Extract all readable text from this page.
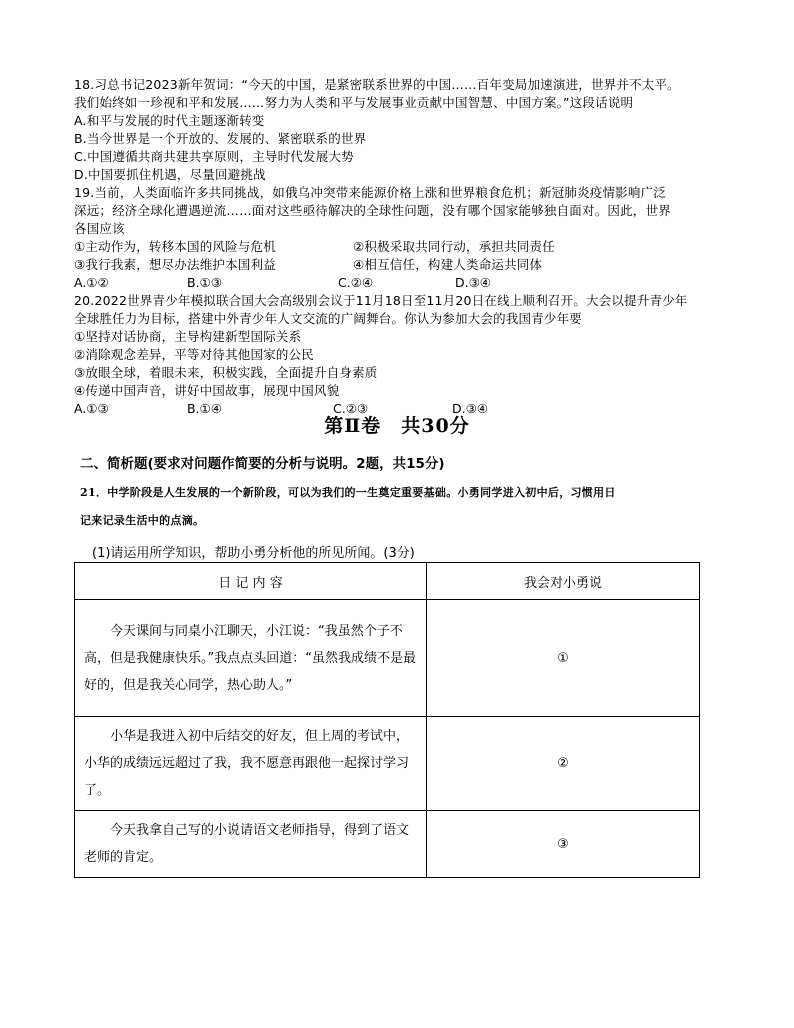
18.习总书记2023新年贺词：“今天的中国，是紧密联系世界的中国……百年变局加速演进，世界并不太平。
我们始终如一珍视和平和发展……努力为人类和平与发展事业贡献中国智慧、中国方案。”这段话说明
A.和平与发展的时代主题逐渐转变
B.当今世界是一个开放的、发展的、紧密联系的世界
C.中国遵循共商共建共享原则，主导时代发展大势
D.中国要抓住机遇，尽量回避挑战
19.当前，人类面临许多共同挑战，如俄乌冲突带来能源价格上涨和世界粮食危机；新冠肺炎疫情影响广泛
深远；经济全球化遭遇逆流……面对这些亟待解决的全球性问题，没有哪个国家能够独自面对。因此，世界
各国应该
①主动作为，转移本国的风险与危机	②积极采取共同行动，承担共同责任
③我行我素，想尽办法维护本国利益	④相互信任，构建人类命运共同体
A.①②	B.①③	C.②④	D.③④
20.2022世界青少年模拟联合国大会高级别会议于11月18日至11月20日在线上顺利召开。大会以提升青少年
全球胜任力为目标，搭建中外青少年人文交流的广阔舞台。你认为参加大会的我国青少年要
①坚持对话协商，主导构建新型国际关系
②消除观念差异，平等对待其他国家的公民
③放眼全球，着眼未来，积极实践，全面提升自身素质
④传递中国声音，讲好中国故事，展现中国风貌
A.①③	B.①④	C.②③	D.③④
第Ⅱ卷　共30分
二、简析题(要求对问题作简要的分析与说明。2题，共15分)
21．中学阶段是人生发展的一个新阶段，可以为我们的一生奠定重要基础。小勇同学进入初中后，习惯用日
记来记录生活中的点滴。
(1)请运用所学知识，帮助小勇分析他的所见所闻。(3分)
日 记 内 容	我会对小勇说

今天课间与同桌小江聊天，小江说：“我虽然个子不高，但是我健康快乐。”我点点头回道：“虽然我成绩不是最好的，但是我关心同学，热心助人。”	①

小华是我进入初中后结交的好友，但上周的考试中，小华的成绩远远超过了我，我不愿意再跟他一起探讨学习了。	②

今天我拿自己写的小说请语文老师指导，得到了语文老师的肯定。	③
